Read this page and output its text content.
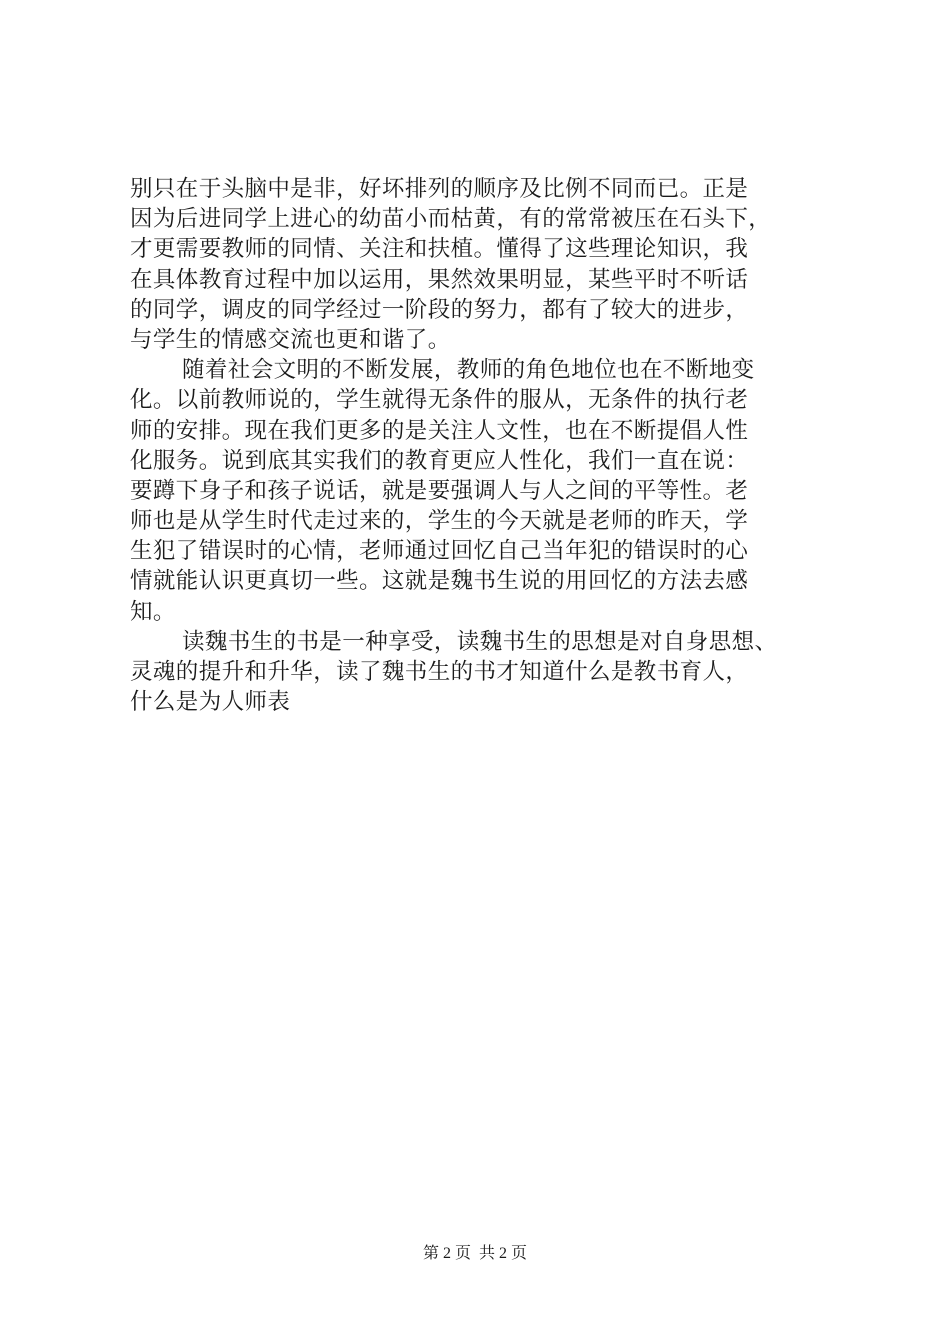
别只在于头脑中是非，好坏排列的顺序及比例不同而已。正是
因为后进同学上进心的幼苗小而枯黄，有的常常被压在石头下，
才更需要教师的同情、关注和扶植。懂得了这些理论知识，我
在具体教育过程中加以运用，果然效果明显，某些平时不听话
的同学，调皮的同学经过一阶段的努力，都有了较大的进步，
与学生的情感交流也更和谐了。
随着社会文明的不断发展，教师的角色地位也在不断地变
化。以前教师说的，学生就得无条件的服从，无条件的执行老
师的安排。现在我们更多的是关注人文性，也在不断提倡人性
化服务。说到底其实我们的教育更应人性化，我们一直在说：
要蹲下身子和孩子说话，就是要强调人与人之间的平等性。老
师也是从学生时代走过来的，学生的今天就是老师的昨天，学
生犯了错误时的心情，老师通过回忆自己当年犯的错误时的心
情就能认识更真切一些。这就是魏书生说的用回忆的方法去感
知。
读魏书生的书是一种享受，读魏书生的思想是对自身思想、
灵魂的提升和升华，读了魏书生的书才知道什么是教书育人，
什么是为人师表
第 2 页  共 2 页
